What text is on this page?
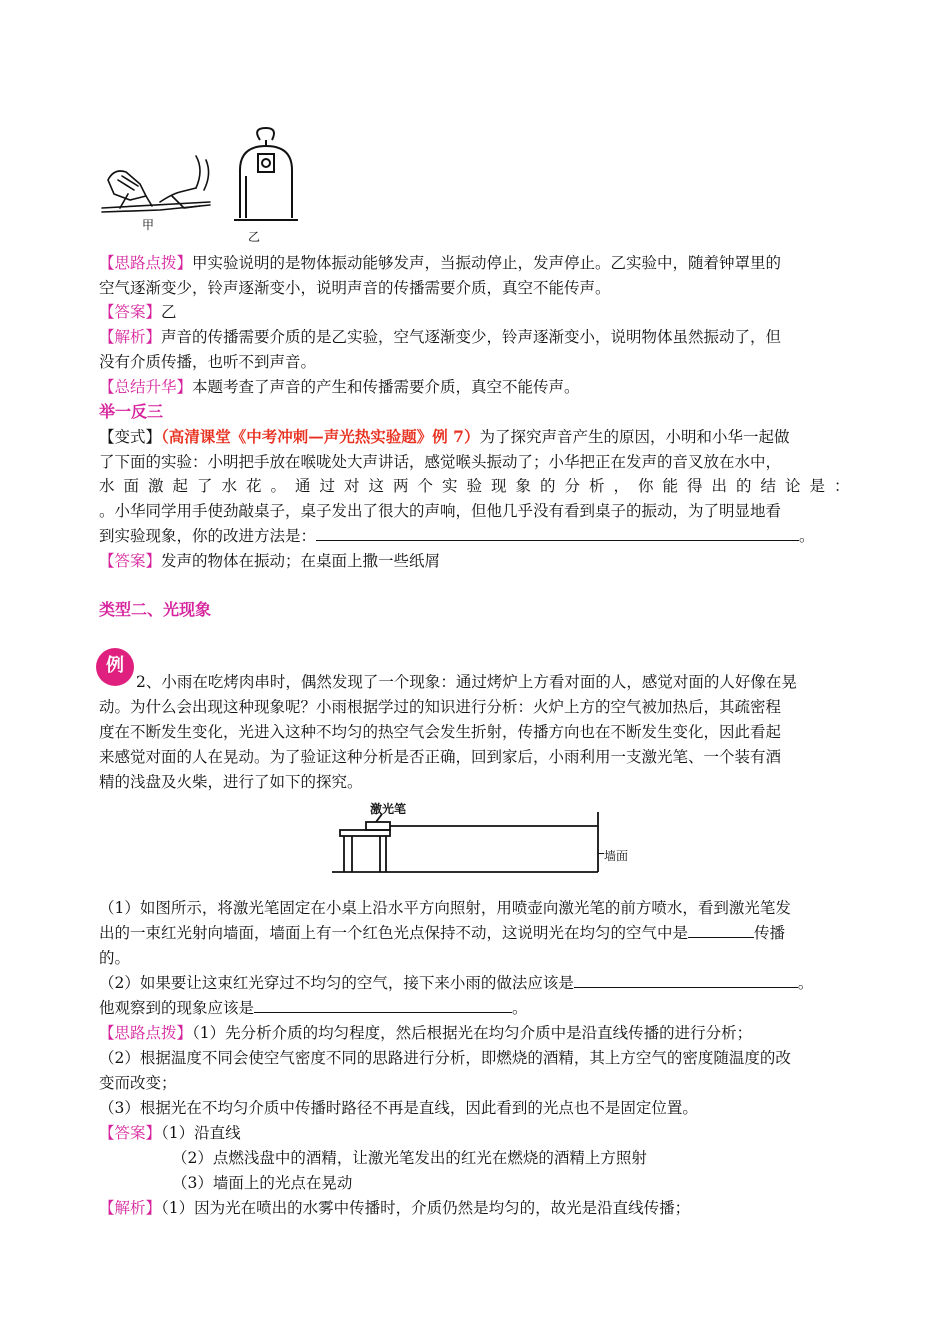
甲
乙
【思路点拨】甲实验说明的是物体振动能够发声，当振动停止，发声停止。乙实验中，随着钟罩里的
空气逐渐变少，铃声逐渐变小，说明声音的传播需要介质，真空不能传声。
【答案】乙
【解析】声音的传播需要介质的是乙实验，空气逐渐变少，铃声逐渐变小，说明物体虽然振动了，但
没有介质传播，也听不到声音。
【总结升华】本题考查了声音的产生和传播需要介质，真空不能传声。
举一反三
【变式】（高清课堂《中考冲刺—声光热实验题》例 7）为了探究声音产生的原因，小明和小华一起做
了下面的实验：小明把手放在喉咙处大声讲话，感觉喉头振动了；小华把正在发声的音叉放在水中，
水面激起了水花。通过对这两个实验现象的分析，你能得出的结论是：
。小华同学用手使劲敲桌子，桌子发出了很大的声响，但他几乎没有看到桌子的振动，为了明显地看
到实验现象，你的改进方法是：	。
【答案】发声的物体在振动；在桌面上撒一些纸屑
类型二、光现象
例
2、小雨在吃烤肉串时，偶然发现了一个现象：通过烤炉上方看对面的人，感觉对面的人好像在晃
动。为什么会出现这种现象呢？小雨根据学过的知识进行分析：火炉上方的空气被加热后，其疏密程
度在不断发生变化，光进入这种不均匀的热空气会发生折射，传播方向也在不断发生变化，因此看起
来感觉对面的人在晃动。为了验证这种分析是否正确，回到家后，小雨利用一支激光笔、一个装有酒
精的浅盘及火柴，进行了如下的探究。
激光笔
墙面
（1）如图所示，将激光笔固定在小桌上沿水平方向照射，用喷壶向激光笔的前方喷水，看到激光笔发
出的一束红光射向墙面，墙面上有一个红色光点保持不动，这说明光在均匀的空气中是	传播
的。
（2）如果要让这束红光穿过不均匀的空气，接下来小雨的做法应该是	。
他观察到的现象应该是	。
【思路点拨】（1）先分析介质的均匀程度，然后根据光在均匀介质中是沿直线传播的进行分析；
（2）根据温度不同会使空气密度不同的思路进行分析，即燃烧的酒精，其上方空气的密度随温度的改
变而改变；
（3）根据光在不均匀介质中传播时路径不再是直线，因此看到的光点也不是固定位置。
【答案】（1）沿直线
（2）点燃浅盘中的酒精，让激光笔发出的红光在燃烧的酒精上方照射
（3）墙面上的光点在晃动
【解析】（1）因为光在喷出的水雾中传播时，介质仍然是均匀的，故光是沿直线传播；
